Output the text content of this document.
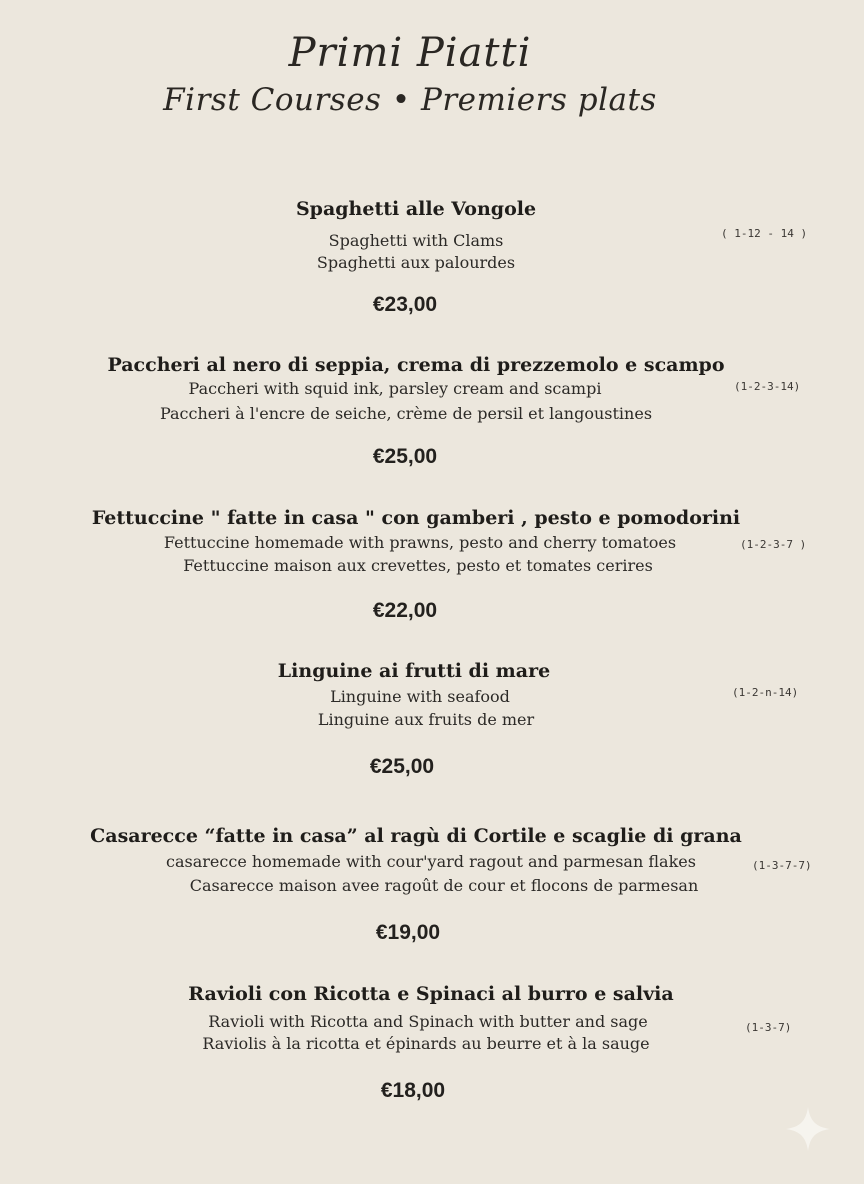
Primi Piatti
First Courses • Premiers plats
Spaghetti alle Vongole
Spaghetti with Clams
Spaghetti aux palourdes
€23,00
( 1-12 - 14 )
Paccheri al nero di seppia, crema di prezzemolo e scampo
Paccheri with squid ink, parsley cream and scampi
Paccheri à l'encre de seiche, crème de persil et langoustines
€25,00
(1-2-3-14)
Fettuccine " fatte in casa " con gamberi , pesto e pomodorini
Fettuccine homemade with prawns, pesto and cherry tomatoes
Fettuccine maison aux crevettes, pesto et tomates cerires
€22,00
(1-2-3-7 )
Linguine ai frutti di mare
Linguine with seafood
Linguine aux fruits de mer
€25,00
(1-2-n-14)
Casarecce “fatte in casa” al ragù di Cortile e scaglie di grana
casarecce homemade with cour'yard ragout and parmesan flakes
Casarecce maison avee ragoût de cour et flocons de parmesan
€19,00
(1-3-7-7)
Ravioli con Ricotta e Spinaci al burro e salvia
Ravioli with Ricotta and Spinach with butter and sage
Raviolis à la ricotta et épinards au beurre et à la sauge
€18,00
(1-3-7)
